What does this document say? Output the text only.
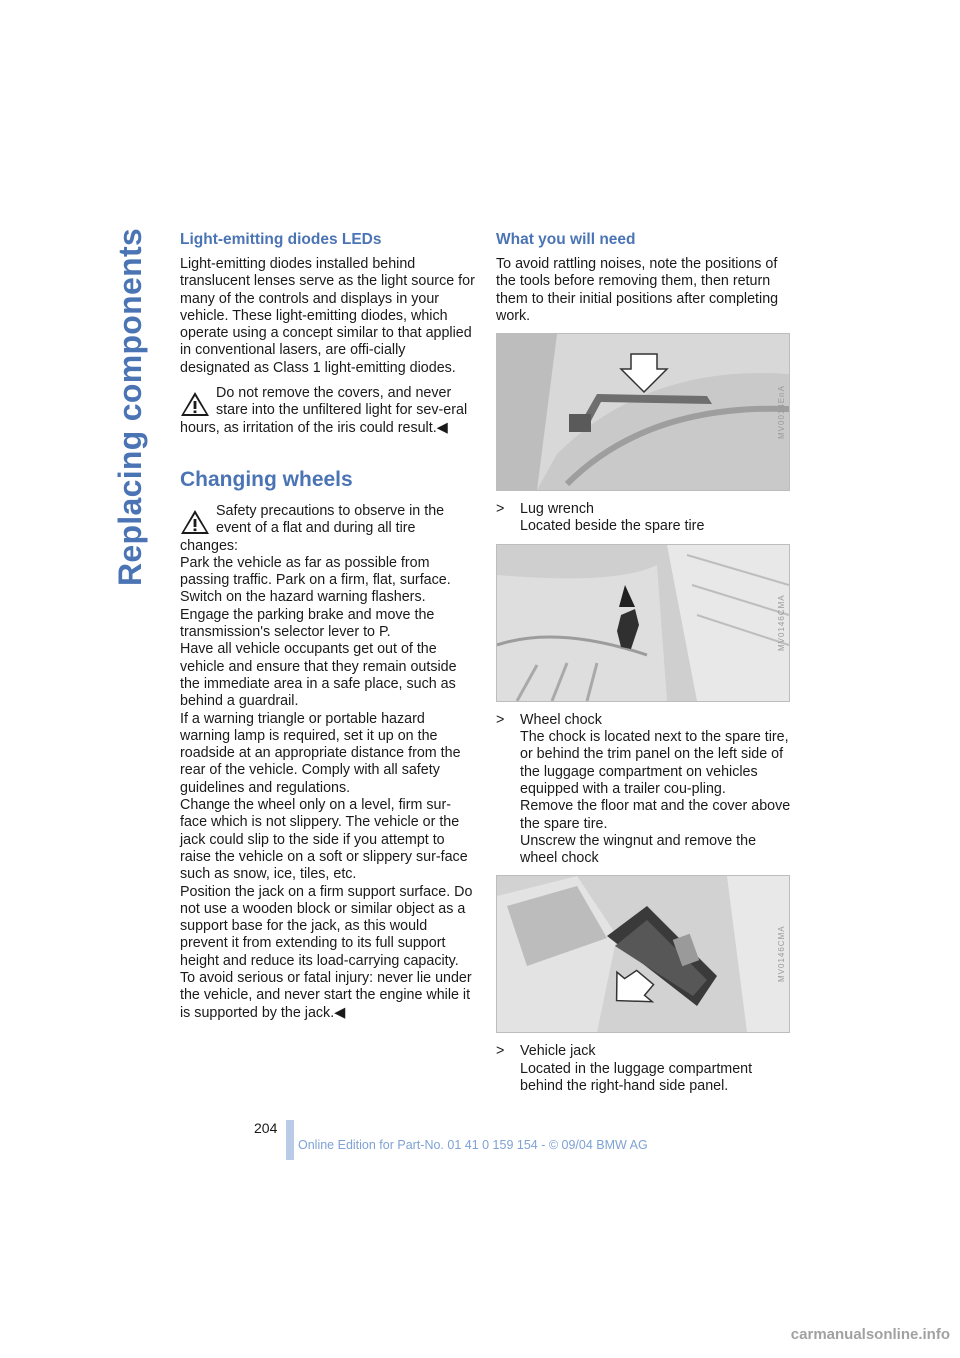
Replacing components Light-emitting diodes LEDs

Light-emitting diodes installed behind translucent lenses serve as the light source for many of the controls and displays in your vehicle. These light-emitting diodes, which operate using a concept similar to that applied in conventional lasers, are offi-cially designated as Class 1 light-emitting diodes.

Do not remove the covers, and never stare into the unfiltered light for sev-eral hours, as irritation of the iris could result.◀
Changing wheels
Safety precautions to observe in the event of a flat and during all tire changes:

Park the vehicle as far as possible from passing traffic. Park on a firm, flat, surface.

Switch on the hazard warning flashers.

Engage the parking brake and move the transmission's selector lever to P.

Have all vehicle occupants get out of the vehicle and ensure that they remain outside the immediate area in a safe place, such as behind a guardrail.

If a warning triangle or portable hazard warning lamp is required, set it up on the roadside at an appropriate distance from the rear of the vehicle. Comply with all safety guidelines and regulations.

Change the wheel only on a level, firm sur-face which is not slippery. The vehicle or the jack could slip to the side if you attempt to raise the vehicle on a soft or slippery sur-face such as snow, ice, tiles, etc.

Position the jack on a firm support surface. Do not use a wooden block or similar object as a support base for the jack, as this would prevent it from extending to its full support height and reduce its load-carrying capacity.

To avoid serious or fatal injury: never lie under the vehicle, and never start the engine while it is supported by the jack.◀

What you will need

To avoid rattling noises, note the positions of the tools before removing them, then return them to their initial positions after completing work.

MV0014EnA
> Lug wrench

Located beside the spare tire

MV0146CMA
> Wheel chock

The chock is located next to the spare tire, or behind the trim panel on the left side of the luggage compartment on vehicles equipped with a trailer cou-pling.

Remove the floor mat and the cover above the spare tire.

Unscrew the wingnut and remove the wheel chock

MV0146CMA
> Vehicle jack

Located in the luggage compartment behind the right-hand side panel.

204
Online Edition for Part-No. 01 41 0 159 154 - © 09/04 BMW AG
carmanualsonline.info
